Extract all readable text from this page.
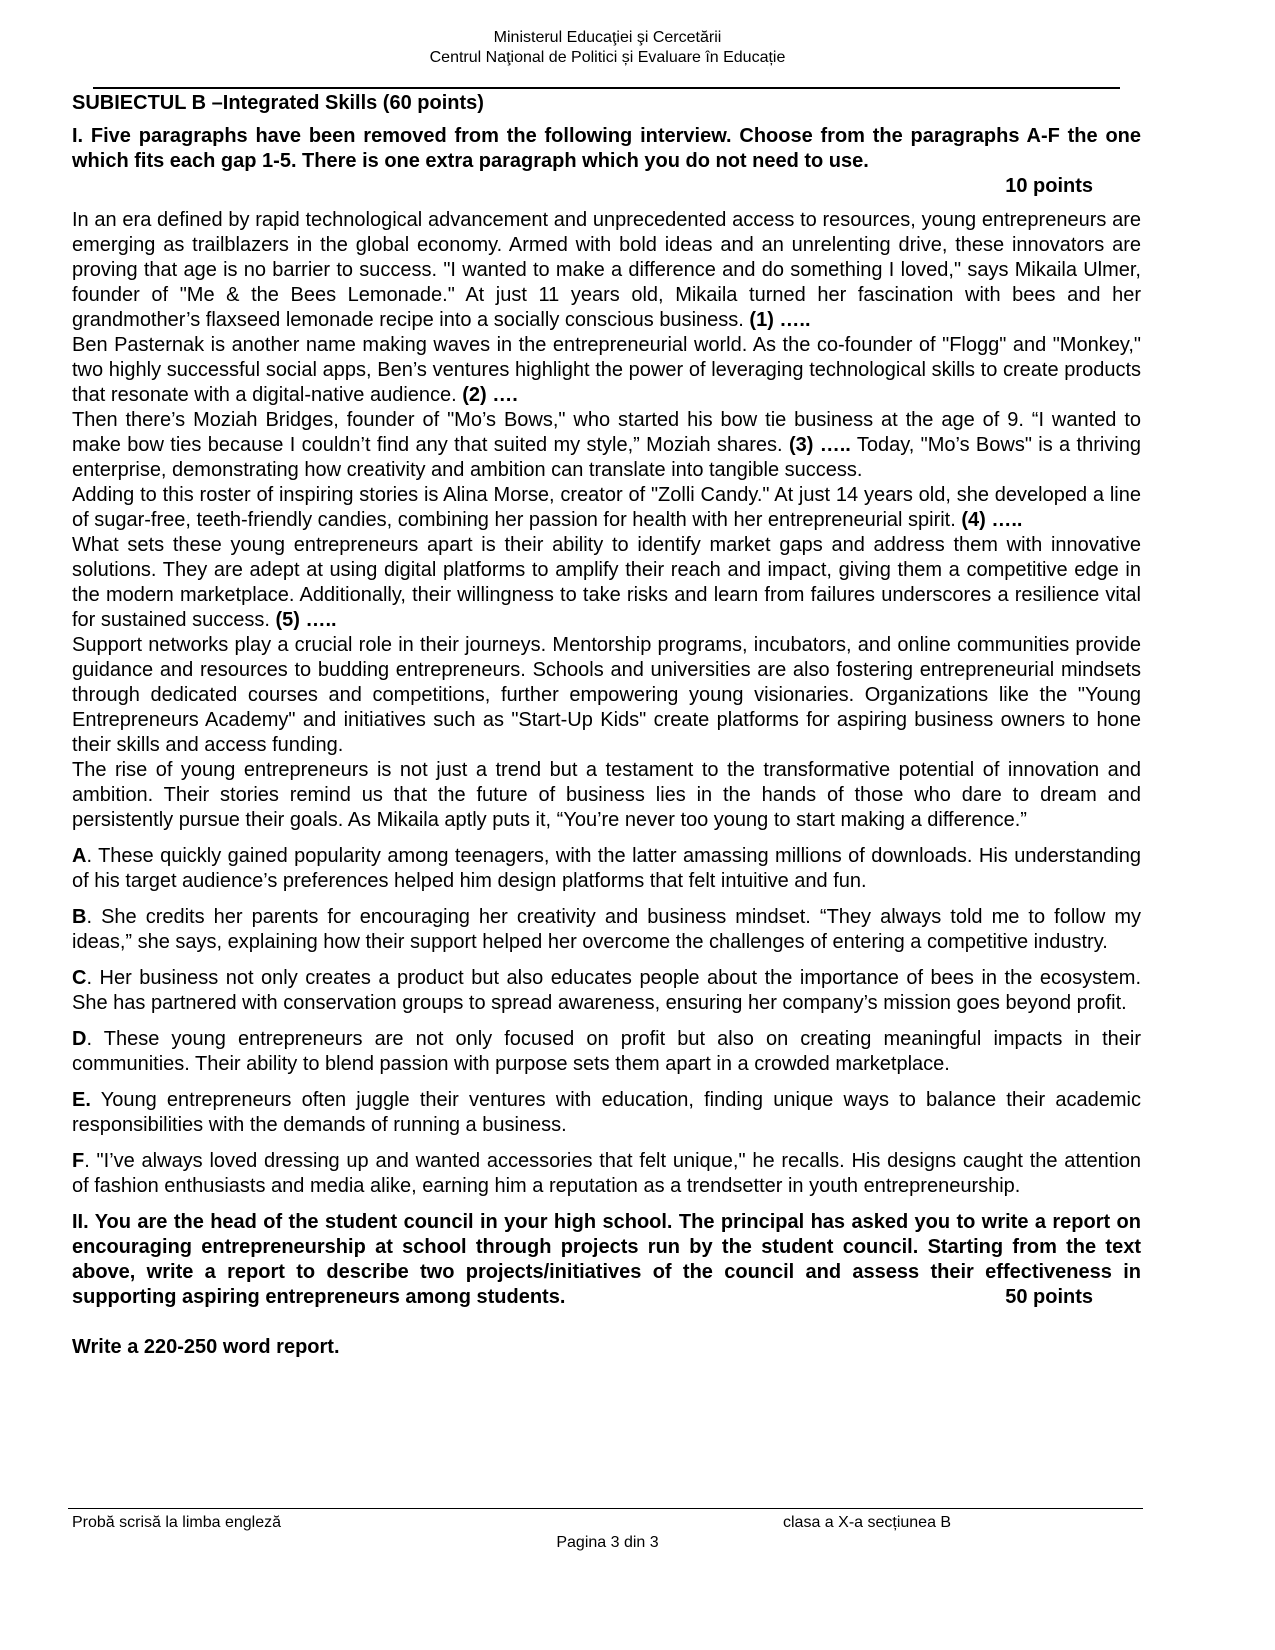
Ministerul Educaţiei şi Cercetării
Centrul Naţional de Politici și Evaluare în Educație
SUBIECTUL B –Integrated Skills (60 points)

I. Five paragraphs have been removed from the following interview. Choose from the paragraphs A-F the one which fits each gap 1-5. There is one extra paragraph which you do not need to use.

10 points

In an era defined by rapid technological advancement and unprecedented access to resources, young entrepreneurs are emerging as trailblazers in the global economy. Armed with bold ideas and an unrelenting drive, these innovators are proving that age is no barrier to success. "I wanted to make a difference and do something I loved," says Mikaila Ulmer, founder of "Me & the Bees Lemonade." At just 11 years old, Mikaila turned her fascination with bees and her grandmother’s flaxseed lemonade recipe into a socially conscious business. (1) …..

Ben Pasternak is another name making waves in the entrepreneurial world. As the co-founder of "Flogg" and "Monkey," two highly successful social apps, Ben’s ventures highlight the power of leveraging technological skills to create products that resonate with a digital-native audience. (2) ….

Then there’s Moziah Bridges, founder of "Mo’s Bows," who started his bow tie business at the age of 9. “I wanted to make bow ties because I couldn’t find any that suited my style,” Moziah shares. (3) ….. Today, "Mo’s Bows" is a thriving enterprise, demonstrating how creativity and ambition can translate into tangible success.

Adding to this roster of inspiring stories is Alina Morse, creator of "Zolli Candy." At just 14 years old, she developed a line of sugar-free, teeth-friendly candies, combining her passion for health with her entrepreneurial spirit. (4) …..

What sets these young entrepreneurs apart is their ability to identify market gaps and address them with innovative solutions. They are adept at using digital platforms to amplify their reach and impact, giving them a competitive edge in the modern marketplace. Additionally, their willingness to take risks and learn from failures underscores a resilience vital for sustained success. (5) …..

Support networks play a crucial role in their journeys. Mentorship programs, incubators, and online communities provide guidance and resources to budding entrepreneurs. Schools and universities are also fostering entrepreneurial mindsets through dedicated courses and competitions, further empowering young visionaries. Organizations like the "Young Entrepreneurs Academy" and initiatives such as "Start-Up Kids" create platforms for aspiring business owners to hone their skills and access funding.

The rise of young entrepreneurs is not just a trend but a testament to the transformative potential of innovation and ambition. Their stories remind us that the future of business lies in the hands of those who dare to dream and persistently pursue their goals. As Mikaila aptly puts it, “You’re never too young to start making a difference.”

A. These quickly gained popularity among teenagers, with the latter amassing millions of downloads. His understanding of his target audience’s preferences helped him design platforms that felt intuitive and fun.

B. She credits her parents for encouraging her creativity and business mindset. “They always told me to follow my ideas,” she says, explaining how their support helped her overcome the challenges of entering a competitive industry.

C. Her business not only creates a product but also educates people about the importance of bees in the ecosystem. She has partnered with conservation groups to spread awareness, ensuring her company’s mission goes beyond profit.

D. These young entrepreneurs are not only focused on profit but also on creating meaningful impacts in their communities. Their ability to blend passion with purpose sets them apart in a crowded marketplace.

E. Young entrepreneurs often juggle their ventures with education, finding unique ways to balance their academic responsibilities with the demands of running a business.

F. "I’ve always loved dressing up and wanted accessories that felt unique," he recalls. His designs caught the attention of fashion enthusiasts and media alike, earning him a reputation as a trendsetter in youth entrepreneurship.

II. You are the head of the student council in your high school. The principal has asked you to write a report on encouraging entrepreneurship at school through projects run by the student council. Starting from the text above, write a report to describe two projects/initiatives of the council and assess their effectiveness in supporting aspiring entrepreneurs among students.	50 points

Write a 220-250 word report.
Probă scrisă la limba engleză	clasa a X-a secțiunea B
Pagina 3 din 3
